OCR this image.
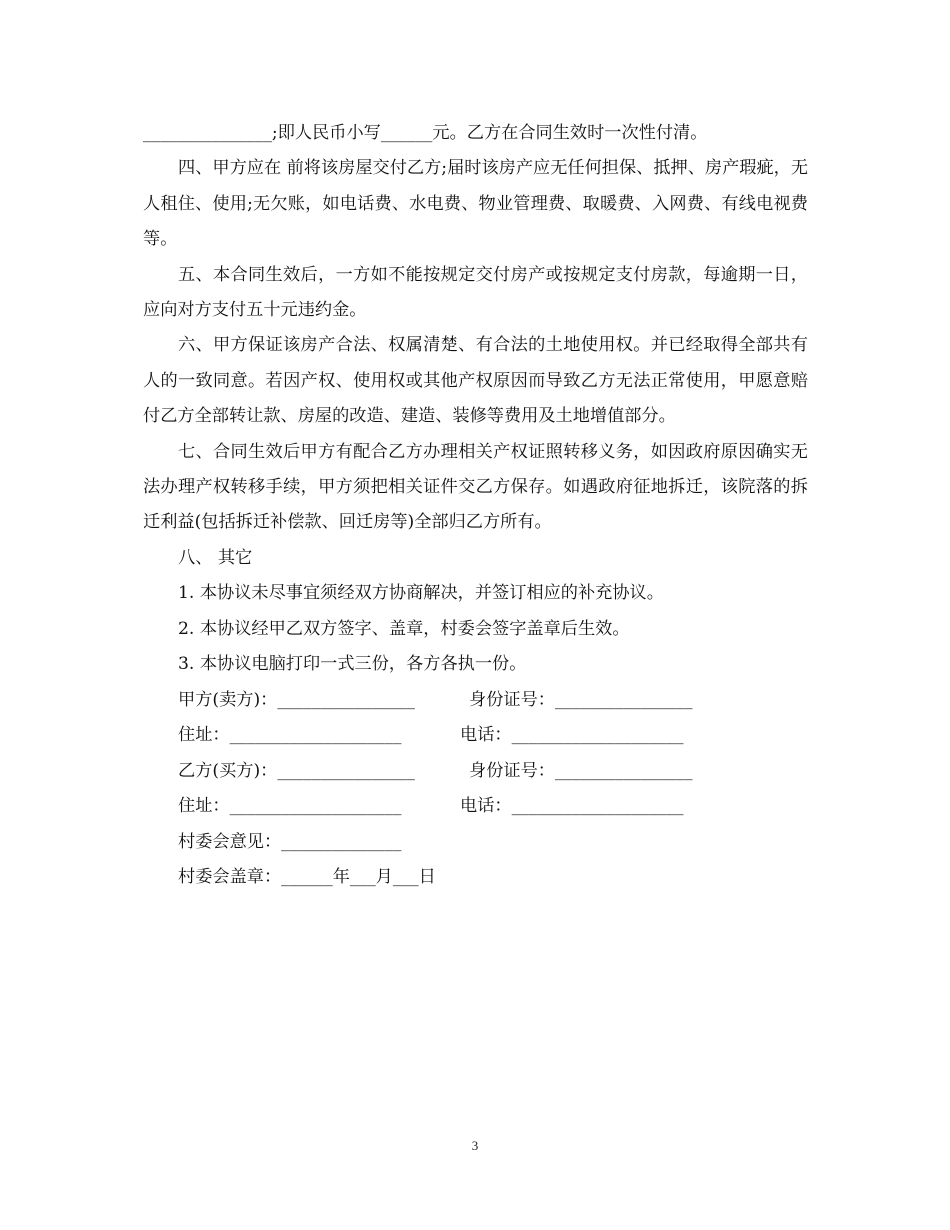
_______________;即人民币小写______元。乙方在合同生效时一次性付清。

四、甲方应在 前将该房屋交付乙方;届时该房产应无任何担保、抵押、房产瑕疵，无人租住、使用;无欠账，如电话费、水电费、物业管理费、取暖费、入网费、有线电视费等。

五、本合同生效后，一方如不能按规定交付房产或按规定支付房款，每逾期一日，应向对方支付五十元违约金。

六、甲方保证该房产合法、权属清楚、有合法的土地使用权。并已经取得全部共有人的一致同意。若因产权、使用权或其他产权原因而导致乙方无法正常使用，甲愿意赔付乙方全部转让款、房屋的改造、建造、装修等费用及土地增值部分。

七、合同生效后甲方有配合乙方办理相关产权证照转移义务，如因政府原因确实无法办理产权转移手续，甲方须把相关证件交乙方保存。如遇政府征地拆迁，该院落的拆迁利益(包括拆迁补偿款、回迁房等)全部归乙方所有。

八、 其它

1. 本协议未尽事宜须经双方协商解决，并签订相应的补充协议。

2. 本协议经甲乙双方签字、盖章，村委会签字盖章后生效。

3. 本协议电脑打印一式三份，各方各执一份。

甲方(卖方)：________________	身份证号：________________
住址：____________________	电话：____________________
乙方(买方)：________________	身份证号：________________
住址：____________________	电话：____________________
村委会意见：______________
村委会盖章：______年___月___日
3
